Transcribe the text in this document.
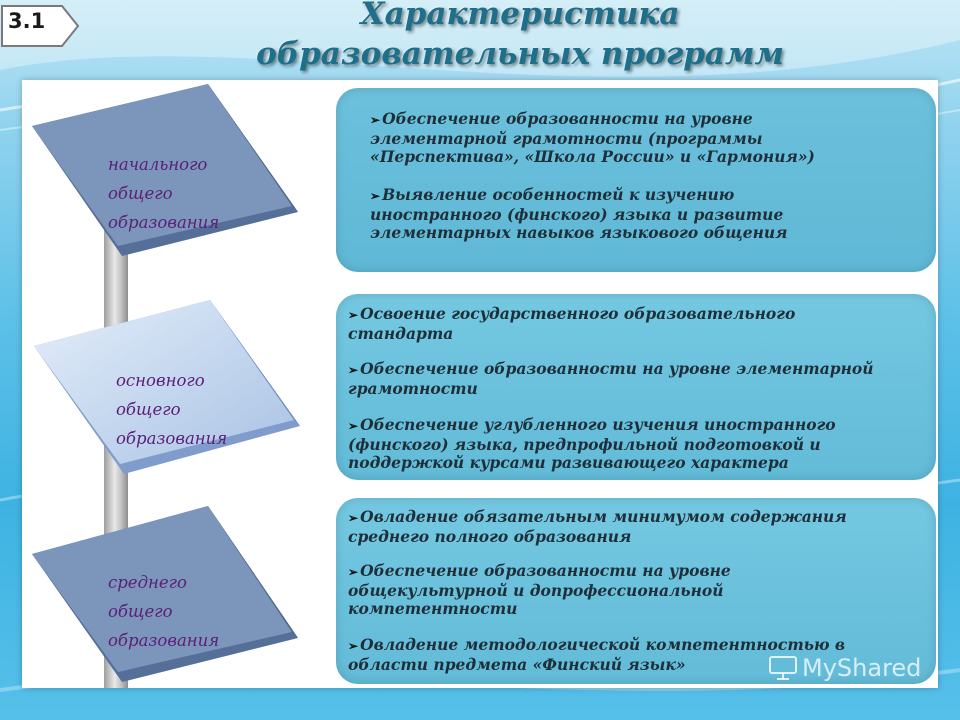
3.1	Характеристика
образовательных программ
начального
общего
образования
основного
общего
образования
среднего
общего
образования
➢ Обеспечение образованности на уровне
элементарной грамотности (программы
«Перспектива», «Школа России» и «Гармония»)
➢ Выявление особенностей к изучению
иностранного (финского) языка и развитие
элементарных навыков языкового общения
➢ Освоение государственного образовательного
стандарта
➢ Обеспечение образованности на уровне элементарной
грамотности
➢ Обеспечение углубленного изучения иностранного
(финского) языка, предпрофильной подготовкой и
поддержкой курсами развивающего характера
➢ Овладение обязательным минимумом содержания
среднего полного образования
➢ Обеспечение образованности на уровне
общекультурной и допрофессиональной
компетентности
➢ Овладение методологической компетентностью в
области предмета «Финский язык»	MyShared
